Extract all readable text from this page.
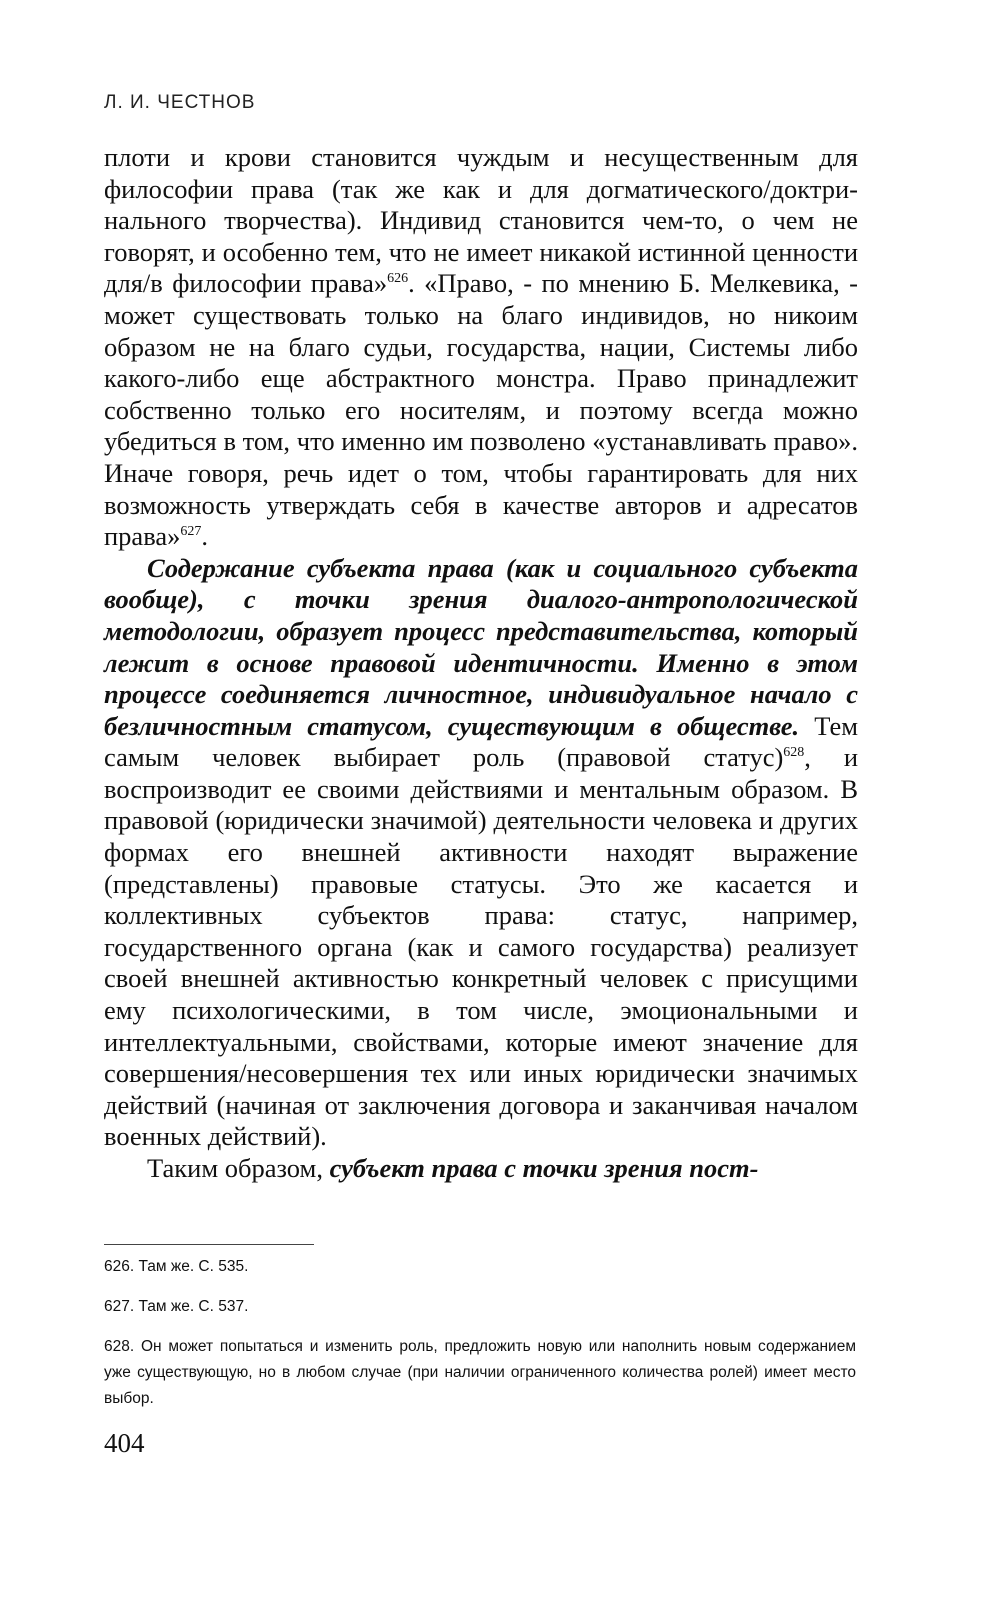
Л. И. ЧЕСТНОВ

плоти и крови становится чуждым и несущественным для философии права (так же как и для догматического/доктринального творчества). Индивид становится чем-то, о чем не говорят, и особенно тем, что не имеет никакой истинной ценности для/в философии права»$^{626}$. «Право, - по мнению Б. Мелкевика, - может существовать только на благо индивидов, но никоим образом не на благо судьи, государства, нации, Системы либо какого-либо еще абстрактного монстра. Право принадлежит собственно только его носителям, и поэтому всегда можно убедиться в том, что именно им позволено «устанавливать право». Иначе говоря, речь идет о том, чтобы гарантировать для них возможность утверждать себя в качестве авторов и адресатов права»$^{627}$.

Содержание субъекта права (как и социального субъекта вообще), с точки зрения диалого-антропологической методологии, образует процесс представительства, который лежит в основе правовой идентичности. Именно в этом процессе соединяется личностное, индивидуальное начало с безличностным статусом, существующим в обществе. Тем самым человек выбирает роль (правовой статус)$^{628}$, и воспроизводит ее своими действиями и ментальным образом. В правовой (юридически значимой) деятельности человека и других формах его внешней активности находят выражение (представлены) правовые статусы. Это же касается и коллективных субъектов права: статус, например, государственного органа (как и самого государства) реализует своей внешней активностью конкретный человек с присущими ему психологическими, в том числе, эмоциональными и интеллектуальными, свойствами, которые имеют значение для совершения/несовершения тех или иных юридически значимых действий (начиная от заключения договора и заканчивая началом военных действий).

Таким образом, субъект права с точки зрения пост-

626. Там же. С. 535.

627. Там же. С. 537.

628. Он может попытаться и изменить роль, предложить новую или наполнить новым содержанием уже существующую, но в любом случае (при наличии ограниченного количества ролей) имеет место выбор.

404
